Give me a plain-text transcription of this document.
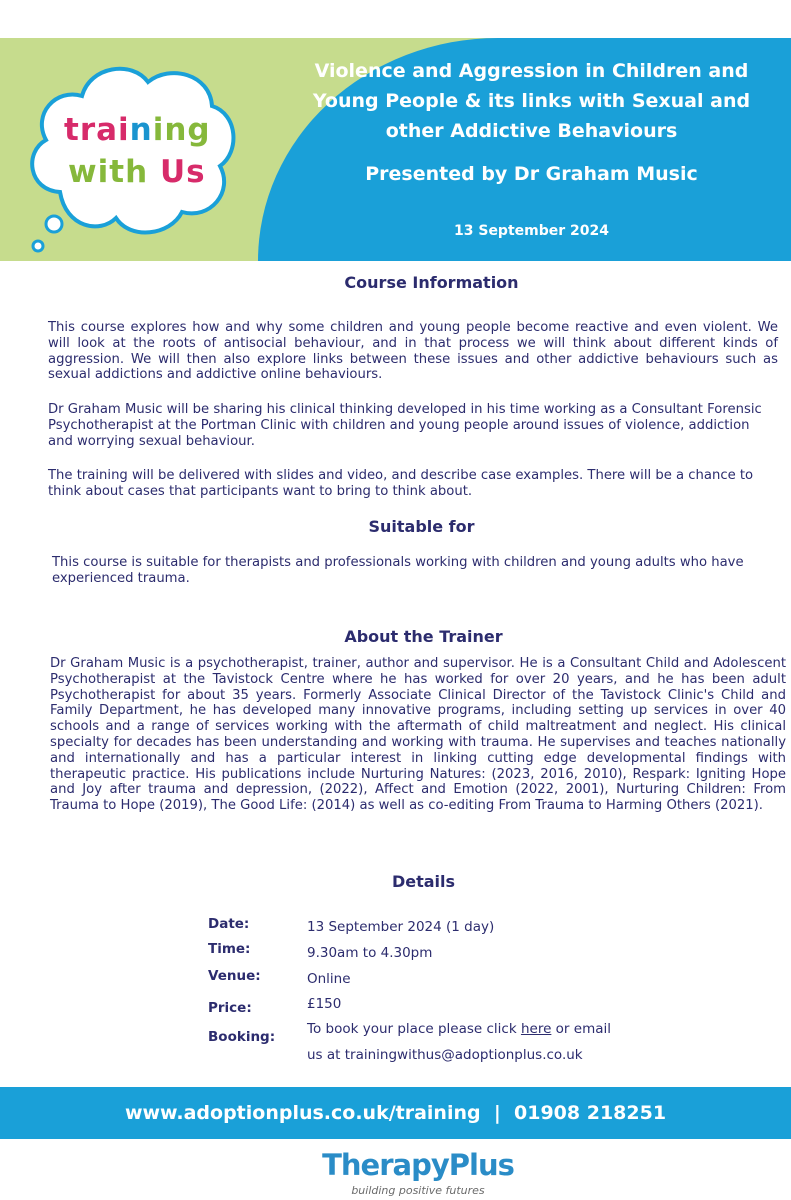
Violence and Aggression in Children and
Young People & its links with Sexual and
other Addictive Behaviours
Presented by Dr Graham Music
13 September 2024
training
with Us
Course Information
This course explores how and why some children and young people become reactive and even violent. We will look at the roots of antisocial behaviour, and in that process we will think about different kinds of aggression. We will then also explore links between these issues and other addictive behaviours such as sexual addictions and addictive online behaviours.
Dr Graham Music will be sharing his clinical thinking developed in his time working as a Consultant Forensic Psychotherapist at the Portman Clinic with children and young people around issues of violence, addiction and worrying sexual behaviour.
The training will be delivered with slides and video, and describe case examples. There will be a chance to think about cases that participants want to bring to think about.
Suitable for
This course is suitable for therapists and professionals working with children and young adults who have experienced trauma.
About the Trainer
Dr Graham Music is a psychotherapist, trainer, author and supervisor. He is a Consultant Child and Adolescent Psychotherapist at the Tavistock Centre where he has worked for over 20 years, and he has been adult Psychotherapist for about 35 years. Formerly Associate Clinical Director of the Tavistock Clinic's Child and Family Department, he has developed many innovative programs, including setting up services in over 40 schools and a range of services working with the aftermath of child maltreatment and neglect. His clinical specialty for decades has been understanding and working with trauma. He supervises and teaches nationally and internationally and has a particular interest in linking cutting edge developmental findings with therapeutic practice. His publications include Nurturing Natures: (2023, 2016, 2010), Respark: Igniting Hope and Joy after trauma and depression, (2022), Affect and Emotion (2022, 2001), Nurturing Children: From Trauma to Hope (2019), The Good Life: (2014) as well as co-editing From Trauma to Harming Others (2021).
Details
Date:	13 September 2024 (1 day)
Time:	9.30am to 4.30pm
Venue:	Online
Price:	£150
Booking: To book your place please click here or email
us at trainingwithus@adoptionplus.co.uk
www.adoptionplus.co.uk/training  |  01908 218251
TherapyPlus
building positive futures
